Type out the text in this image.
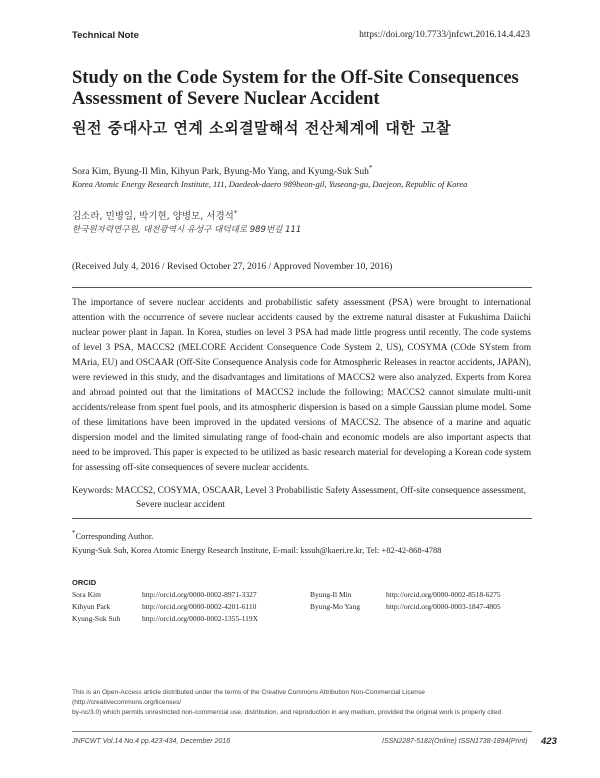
Technical Note	https://doi.org/10.7733/jnfcwt.2016.14.4.423
Study on the Code System for the Off-Site Consequences
Assessment of Severe Nuclear Accident
원전 중대사고 연계 소외결말해석 전산체계에 대한 고찰
Sora Kim, Byung-Il Min, Kihyun Park, Byung-Mo Yang, and Kyung-Suk Suh*
Korea Atomic Energy Research Institute, 111, Daedeok-daero 989beon-gil, Yuseong-gu, Daejeon, Republic of Korea
김소라, 민병일, 박기현, 양병모, 서경석*
한국원자력연구원, 대전광역시 유성구 대덕대로 989번길 111
(Received July 4, 2016 / Revised October 27, 2016 / Approved November 10, 2016)
The importance of severe nuclear accidents and probabilistic safety assessment (PSA) were brought to international attention with the occurrence of severe nuclear accidents caused by the extreme natural disaster at Fukushima Daiichi nuclear power plant in Japan. In Korea, studies on level 3 PSA had made little progress until recently. The code systems of level 3 PSA, MACCS2 (MELCORE Accident Consequence Code System 2, US), COSYMA (COde SYstem from MAria, EU) and OSCAAR (Off-Site Consequence Analysis code for Atmospheric Releases in reactor accidents, JAPAN), were reviewed in this study, and the disadvantages and limitations of MACCS2 were also analyzed. Experts from Korea and abroad pointed out that the limitations of MACCS2 include the following: MACCS2 cannot simulate multi-unit accidents/release from spent fuel pools, and its atmospheric dispersion is based on a simple Gaussian plume model. Some of these limitations have been improved in the updated versions of MACCS2. The absence of a marine and aquatic dispersion model and the limited simulating range of food-chain and economic models are also important aspects that need to be improved. This paper is expected to be utilized as basic research material for developing a Korean code system for assessing off-site consequences of severe nuclear accidents.
Keywords: MACCS2, COSYMA, OSCAAR, Level 3 Probabilistic Safety Assessment, Off-site consequence assessment, Severe nuclear accident
*Corresponding Author.
Kyung-Suk Suh, Korea Atomic Energy Research Institute, E-mail: kssuh@kaeri.re.kr, Tel: +82-42-868-4788
ORCID
Sora Kim	http://orcid.org/0000-0002-8971-3327	Byung-Il Min	http://orcid.org/0000-0002-8518-6275
Kihyun Park	http://orcid.org/0000-0002-4201-6110	Byung-Mo Yang	http://orcid.org/0000-0003-1847-4805
Kyung-Suk Suh	http://orcid.org/0000-0002-1355-119X		
This is an Open-Access article distributed under the terms of the Creative Commons Attribution Non-Commercial License (http://creativecommons.org/licenses/
by-nc/3.0) which permits unrestricted non-commercial use, distribution, and reproduction in any medium, provided the original work is properly cited
JNFCWT Vol.14 No.4 pp.423-434, December 2016	ISSN2287-5182(Online) ISSN1738-1894(Print) 423
